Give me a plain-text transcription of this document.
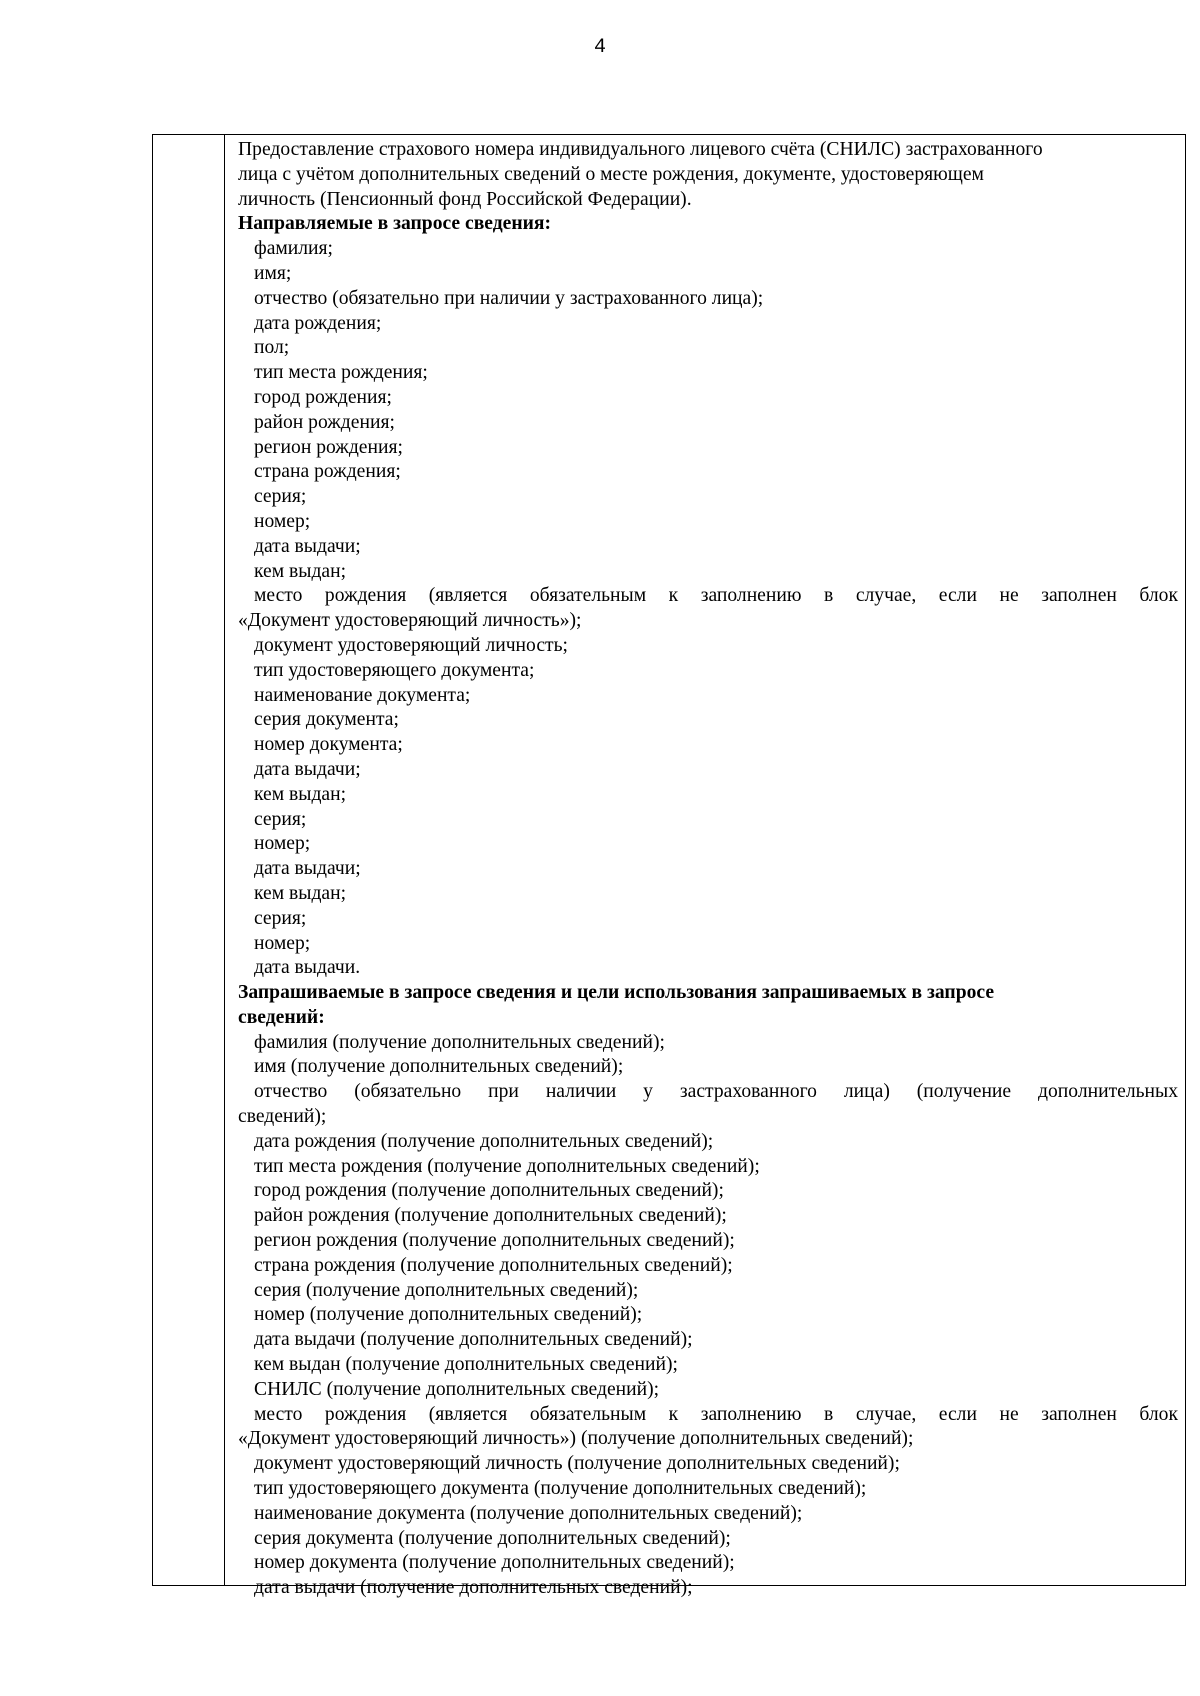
4
Предоставление страхового номера индивидуального лицевого счёта (СНИЛС) застрахованного
лица с учётом дополнительных сведений о месте рождения, документе, удостоверяющем
личность (Пенсионный фонд Российской Федерации).
Направляемые в запросе сведения:
фамилия;
имя;
отчество (обязательно при наличии у застрахованного лица);
дата рождения;
пол;
тип места рождения;
город рождения;
район рождения;
регион рождения;
страна рождения;
серия;
номер;
дата выдачи;
кем выдан;
место рождения (является обязательным к заполнению в случае, если не заполнен блок
«Документ удостоверяющий личность»);
документ удостоверяющий личность;
тип удостоверяющего документа;
наименование документа;
серия документа;
номер документа;
дата выдачи;
кем выдан;
серия;
номер;
дата выдачи;
кем выдан;
серия;
номер;
дата выдачи.
Запрашиваемые в запросе сведения и цели использования запрашиваемых в запросе
сведений:
фамилия (получение дополнительных сведений);
имя (получение дополнительных сведений);
отчество (обязательно при наличии у застрахованного лица) (получение дополнительных
сведений);
дата рождения (получение дополнительных сведений);
тип места рождения (получение дополнительных сведений);
город рождения (получение дополнительных сведений);
район рождения (получение дополнительных сведений);
регион рождения (получение дополнительных сведений);
страна рождения (получение дополнительных сведений);
серия (получение дополнительных сведений);
номер (получение дополнительных сведений);
дата выдачи (получение дополнительных сведений);
кем выдан (получение дополнительных сведений);
СНИЛС (получение дополнительных сведений);
место рождения (является обязательным к заполнению в случае, если не заполнен блок
«Документ удостоверяющий личность») (получение дополнительных сведений);
документ удостоверяющий личность (получение дополнительных сведений);
тип удостоверяющего документа (получение дополнительных сведений);
наименование документа (получение дополнительных сведений);
серия документа (получение дополнительных сведений);
номер документа (получение дополнительных сведений);
дата выдачи (получение дополнительных сведений);
